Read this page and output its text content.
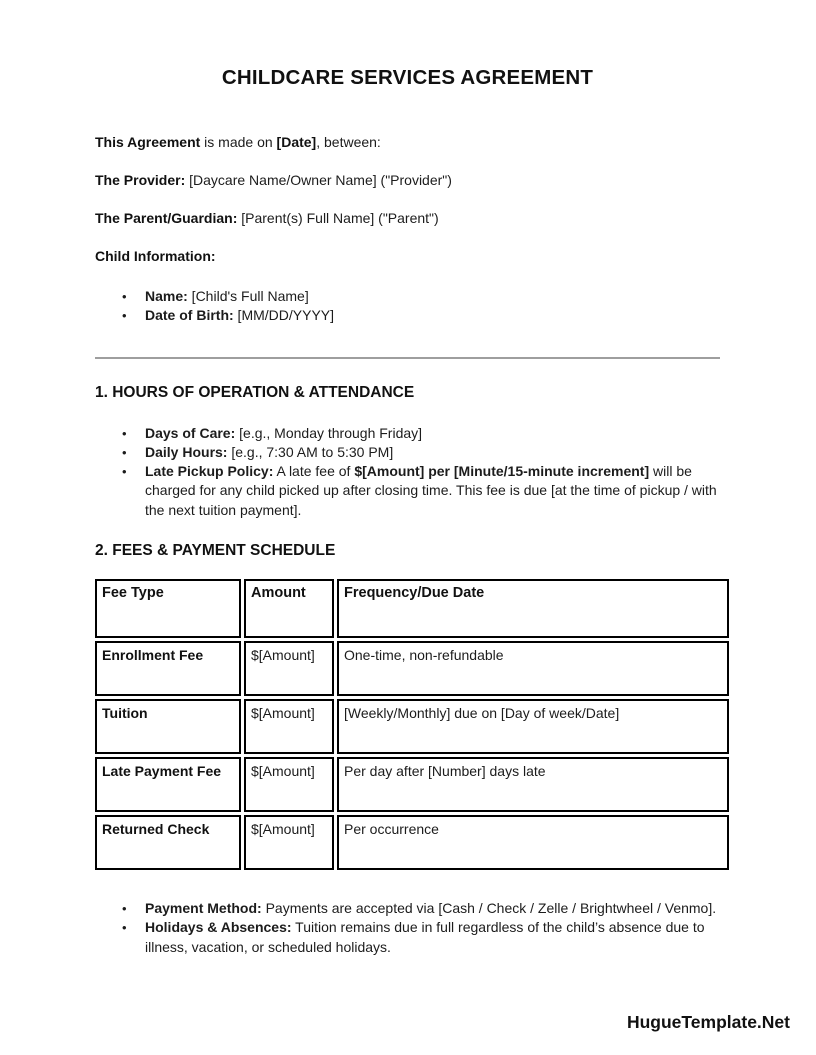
CHILDCARE SERVICES AGREEMENT

This Agreement is made on [Date], between:

The Provider: [Daycare Name/Owner Name] ("Provider")

The Parent/Guardian: [Parent(s) Full Name] ("Parent")

Child Information:

• Name: [Child's Full Name]
• Date of Birth: [MM/DD/YYYY]
1. HOURS OF OPERATION & ATTENDANCE
• Days of Care: [e.g., Monday through Friday]
• Daily Hours: [e.g., 7:30 AM to 5:30 PM]
• Late Pickup Policy: A late fee of $[Amount] per [Minute/15-minute increment] will be charged for any child picked up after closing time. This fee is due [at the time of pickup / with the next tuition payment].
2. FEES & PAYMENT SCHEDULE
Fee Type	Amount	Frequency/Due Date
Enrollment Fee	$[Amount]	One-time, non-refundable
Tuition	$[Amount]	[Weekly/Monthly] due on [Day of week/Date]
Late Payment Fee	$[Amount]	Per day after [Number] days late
Returned Check	$[Amount]	Per occurrence
• Payment Method: Payments are accepted via [Cash / Check / Zelle / Brightwheel / Venmo].
• Holidays & Absences: Tuition remains due in full regardless of the child’s absence due to illness, vacation, or scheduled holidays.
HugueTemplate.Net
